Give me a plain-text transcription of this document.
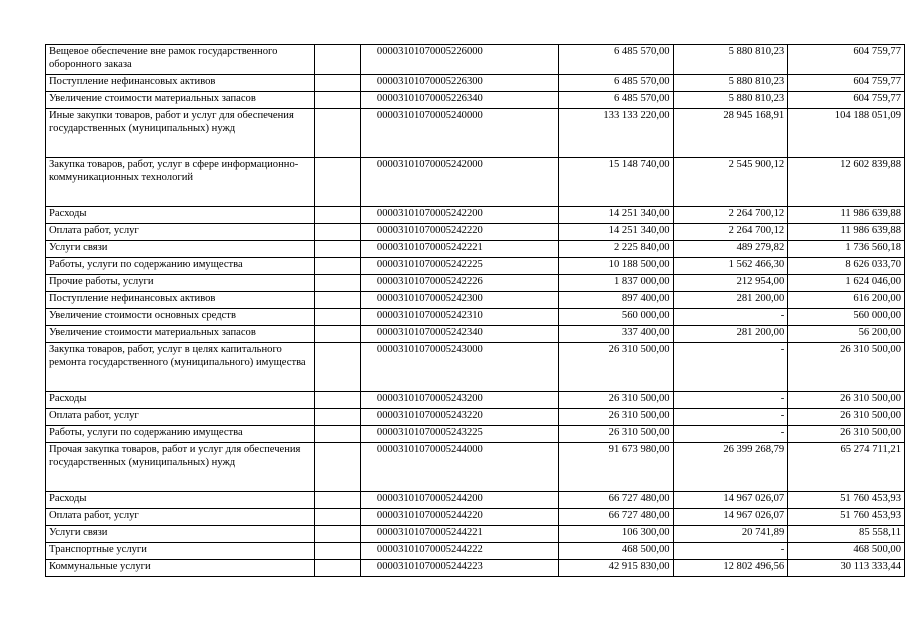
Вещевое обеспечение вне рамок государственного оборонного заказа		00003101070005226000	6 485 570,00	5 880 810,23	604 759,77
Поступление нефинансовых активов		00003101070005226300	6 485 570,00	5 880 810,23	604 759,77
Увеличение стоимости материальных запасов		00003101070005226340	6 485 570,00	5 880 810,23	604 759,77
Иные закупки товаров, работ и услуг для обеспечения государственных (муниципальных) нужд		00003101070005240000	133 133 220,00	28 945 168,91	104 188 051,09
Закупка товаров, работ, услуг в сфере информационно-коммуникационных технологий		00003101070005242000	15 148 740,00	2 545 900,12	12 602 839,88
Расходы		00003101070005242200	14 251 340,00	2 264 700,12	11 986 639,88
Оплата работ, услуг		00003101070005242220	14 251 340,00	2 264 700,12	11 986 639,88
Услуги связи		00003101070005242221	2 225 840,00	489 279,82	1 736 560,18
Работы, услуги по содержанию имущества		00003101070005242225	10 188 500,00	1 562 466,30	8 626 033,70
Прочие работы, услуги		00003101070005242226	1 837 000,00	212 954,00	1 624 046,00
Поступление нефинансовых активов		00003101070005242300	897 400,00	281 200,00	616 200,00
Увеличение стоимости основных средств		00003101070005242310	560 000,00	-	560 000,00
Увеличение стоимости материальных запасов		00003101070005242340	337 400,00	281 200,00	56 200,00
Закупка товаров, работ, услуг в целях капитального ремонта государственного (муниципального) имущества		00003101070005243000	26 310 500,00	-	26 310 500,00
Расходы		00003101070005243200	26 310 500,00	-	26 310 500,00
Оплата работ, услуг		00003101070005243220	26 310 500,00	-	26 310 500,00
Работы, услуги по содержанию имущества		00003101070005243225	26 310 500,00	-	26 310 500,00
Прочая закупка товаров, работ и услуг для обеспечения государственных (муниципальных) нужд		00003101070005244000	91 673 980,00	26 399 268,79	65 274 711,21
Расходы		00003101070005244200	66 727 480,00	14 967 026,07	51 760 453,93
Оплата работ, услуг		00003101070005244220	66 727 480,00	14 967 026,07	51 760 453,93
Услуги связи		00003101070005244221	106 300,00	20 741,89	85 558,11
Транспортные услуги		00003101070005244222	468 500,00	-	468 500,00
Коммунальные услуги		00003101070005244223	42 915 830,00	12 802 496,56	30 113 333,44
